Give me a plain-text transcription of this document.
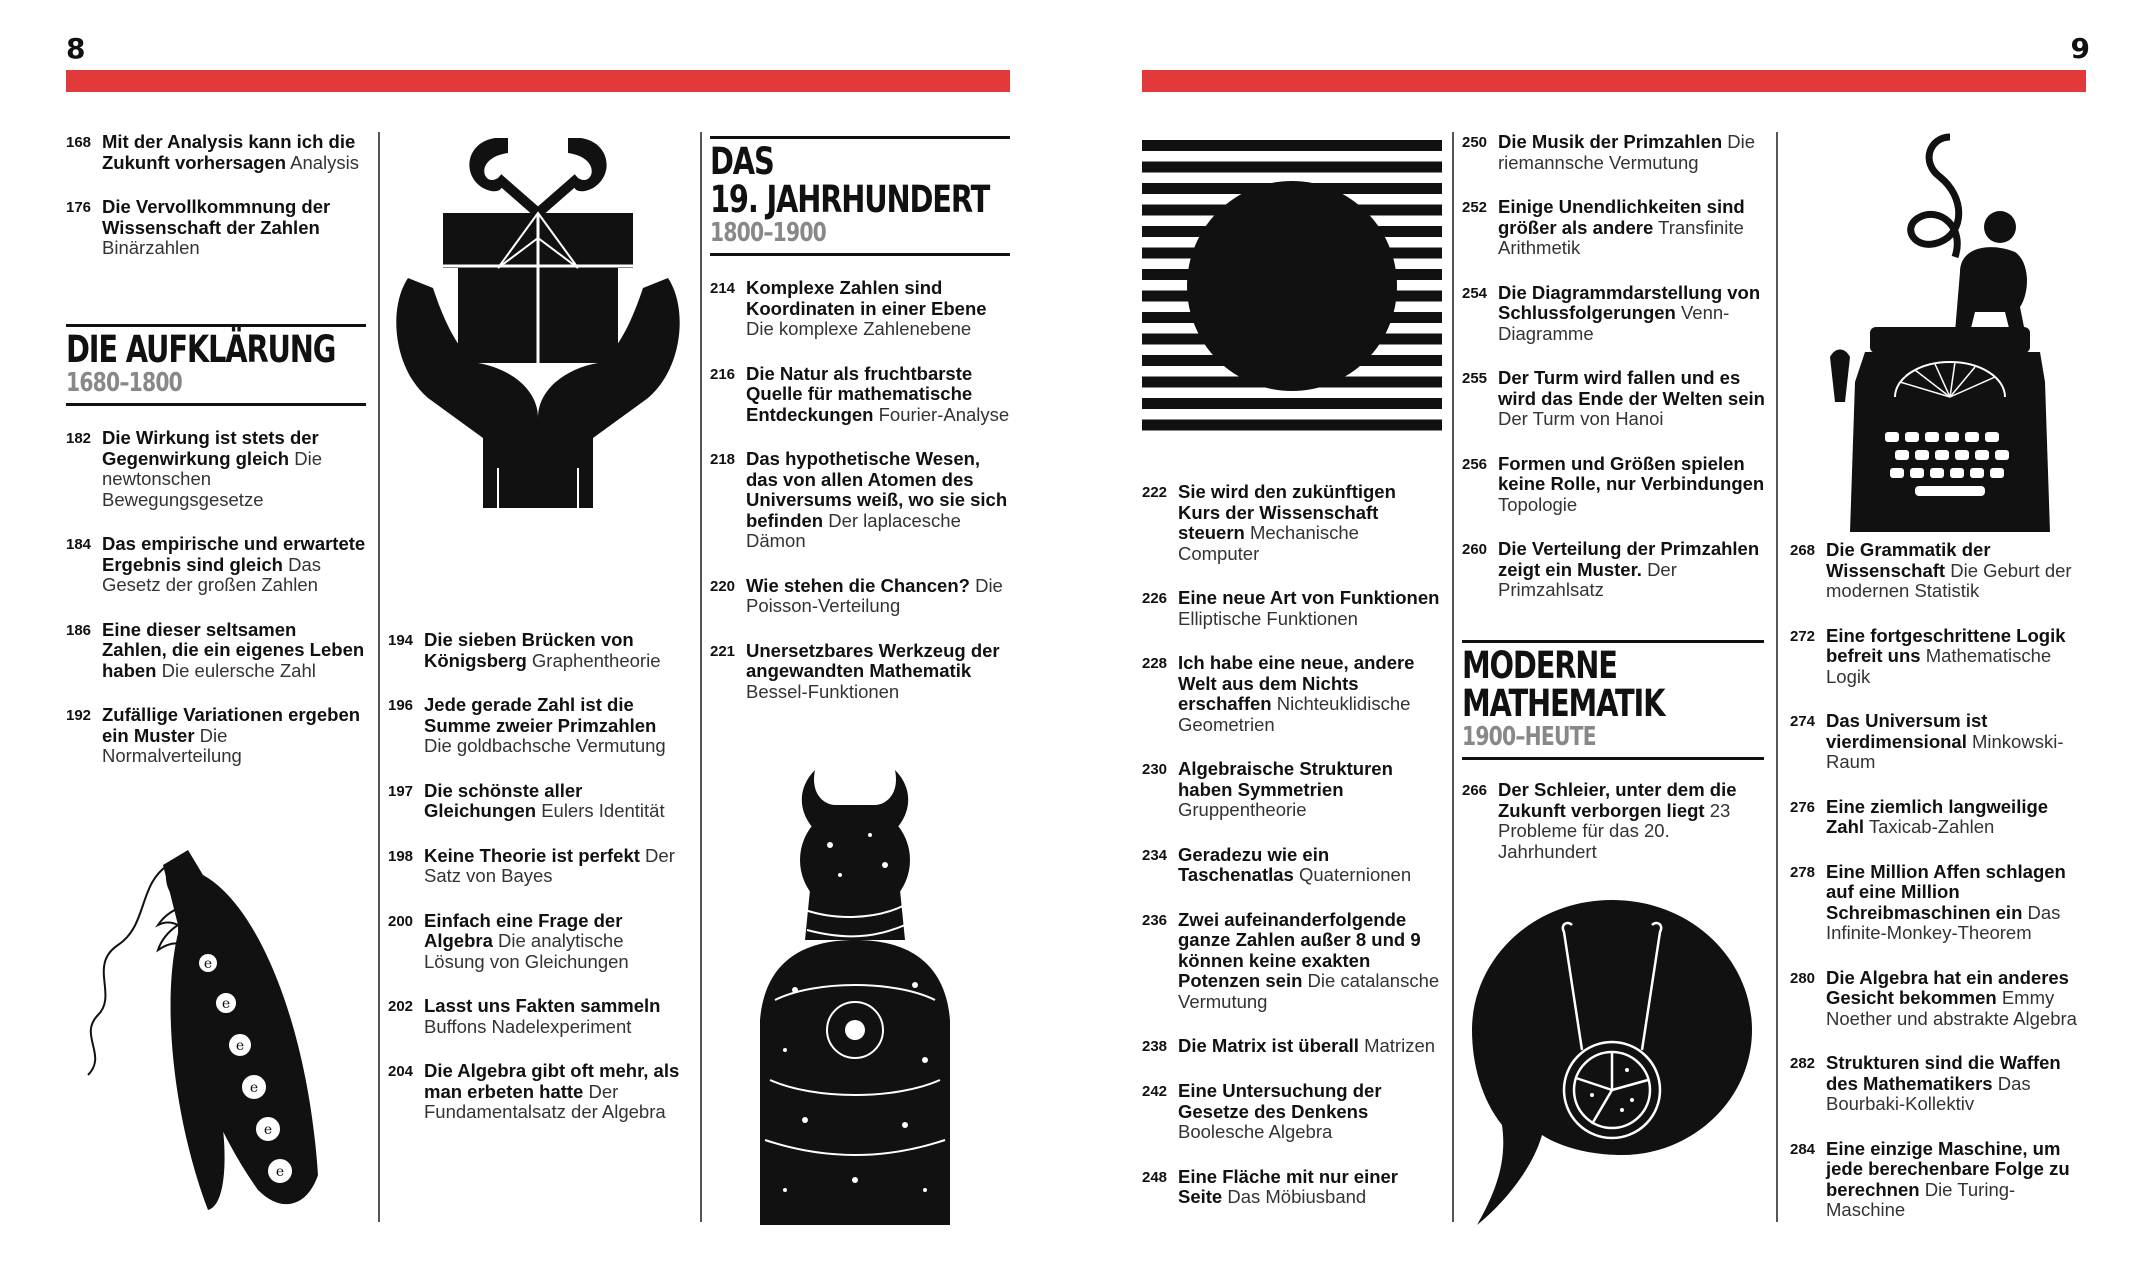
8	9
168 Mit der Analysis kann ich die Zukunft vorhersagen Analysis
176 Die Vervollkommnung der Wissenschaft der Zahlen Binärzahlen
DIE AUFKLÄRUNG
1680–1800
182 Die Wirkung ist stets der Gegenwirkung gleich Die newtonschen Bewegungsgesetze
184 Das empirische und erwartete Ergebnis sind gleich Das Gesetz der großen Zahlen
186 Eine dieser seltsamen Zahlen, die ein eigenes Leben haben Die eulersche Zahl
192 Zufällige Variationen ergeben ein Muster Die Normalverteilung
e
e
e
e
e
e
194 Die sieben Brücken von Königsberg Graphentheorie
196 Jede gerade Zahl ist die Summe zweier Primzahlen Die goldbachsche Vermutung
197 Die schönste aller Gleichungen Eulers Identität
198 Keine Theorie ist perfekt Der Satz von Bayes
200 Einfach eine Frage der Algebra Die analytische Lösung von Gleichungen
202 Lasst uns Fakten sammeln Buffons Nadelexperiment
204 Die Algebra gibt oft mehr, als man erbeten hatte Der Fundamentalsatz der Algebra
DAS
19. JAHRHUNDERT
1800–1900
214 Komplexe Zahlen sind Koordinaten in einer Ebene Die komplexe Zahlenebene
216 Die Natur als fruchtbarste Quelle für mathematische Entdeckungen Fourier-Analyse
218 Das hypothetische Wesen, das von allen Atomen des Universums weiß, wo sie sich befinden Der laplacesche Dämon
220 Wie stehen die Chancen? Die Poisson-Verteilung
221 Unersetzbares Werkzeug der angewandten Mathematik Bessel-Funktionen
222 Sie wird den zukünftigen Kurs der Wissenschaft steuern Mechanische Computer
226 Eine neue Art von Funktionen Elliptische Funktionen
228 Ich habe eine neue, andere Welt aus dem Nichts erschaffen Nichteuklidische Geometrien
230 Algebraische Strukturen haben Symmetrien Gruppentheorie
234 Geradezu wie ein Taschenatlas Quaternionen
236 Zwei aufeinanderfolgende ganze Zahlen außer 8 und 9 können keine exakten Potenzen sein Die catalansche Vermutung
238 Die Matrix ist überall Matrizen
242 Eine Untersuchung der Gesetze des Denkens Boolesche Algebra
248 Eine Fläche mit nur einer Seite Das Möbiusband
250 Die Musik der Primzahlen Die riemannsche Vermutung
252 Einige Unendlichkeiten sind größer als andere Transfinite Arithmetik
254 Die Diagrammdarstellung von Schlussfolgerungen Venn-Diagramme
255 Der Turm wird fallen und es wird das Ende der Welten sein Der Turm von Hanoi
256 Formen und Größen spielen keine Rolle, nur Verbindungen Topologie
260 Die Verteilung der Primzahlen zeigt ein Muster. Der Primzahlsatz
MODERNE
MATHEMATIK
1900–HEUTE
266 Der Schleier, unter dem die Zukunft verborgen liegt 23 Probleme für das 20. Jahrhundert
268 Die Grammatik der Wissenschaft Die Geburt der modernen Statistik
272 Eine fortgeschrittene Logik befreit uns Mathematische Logik
274 Das Universum ist vierdimensional Minkowski-Raum
276 Eine ziemlich langweilige Zahl Taxicab-Zahlen
278 Eine Million Affen schlagen auf eine Million Schreibmaschinen ein Das Infinite-Monkey-Theorem
280 Die Algebra hat ein anderes Gesicht bekommen Emmy Noether und abstrakte Algebra
282 Strukturen sind die Waffen des Mathematikers Das Bourbaki-Kollektiv
284 Eine einzige Maschine, um jede berechenbare Folge zu berechnen Die Turing-Maschine
